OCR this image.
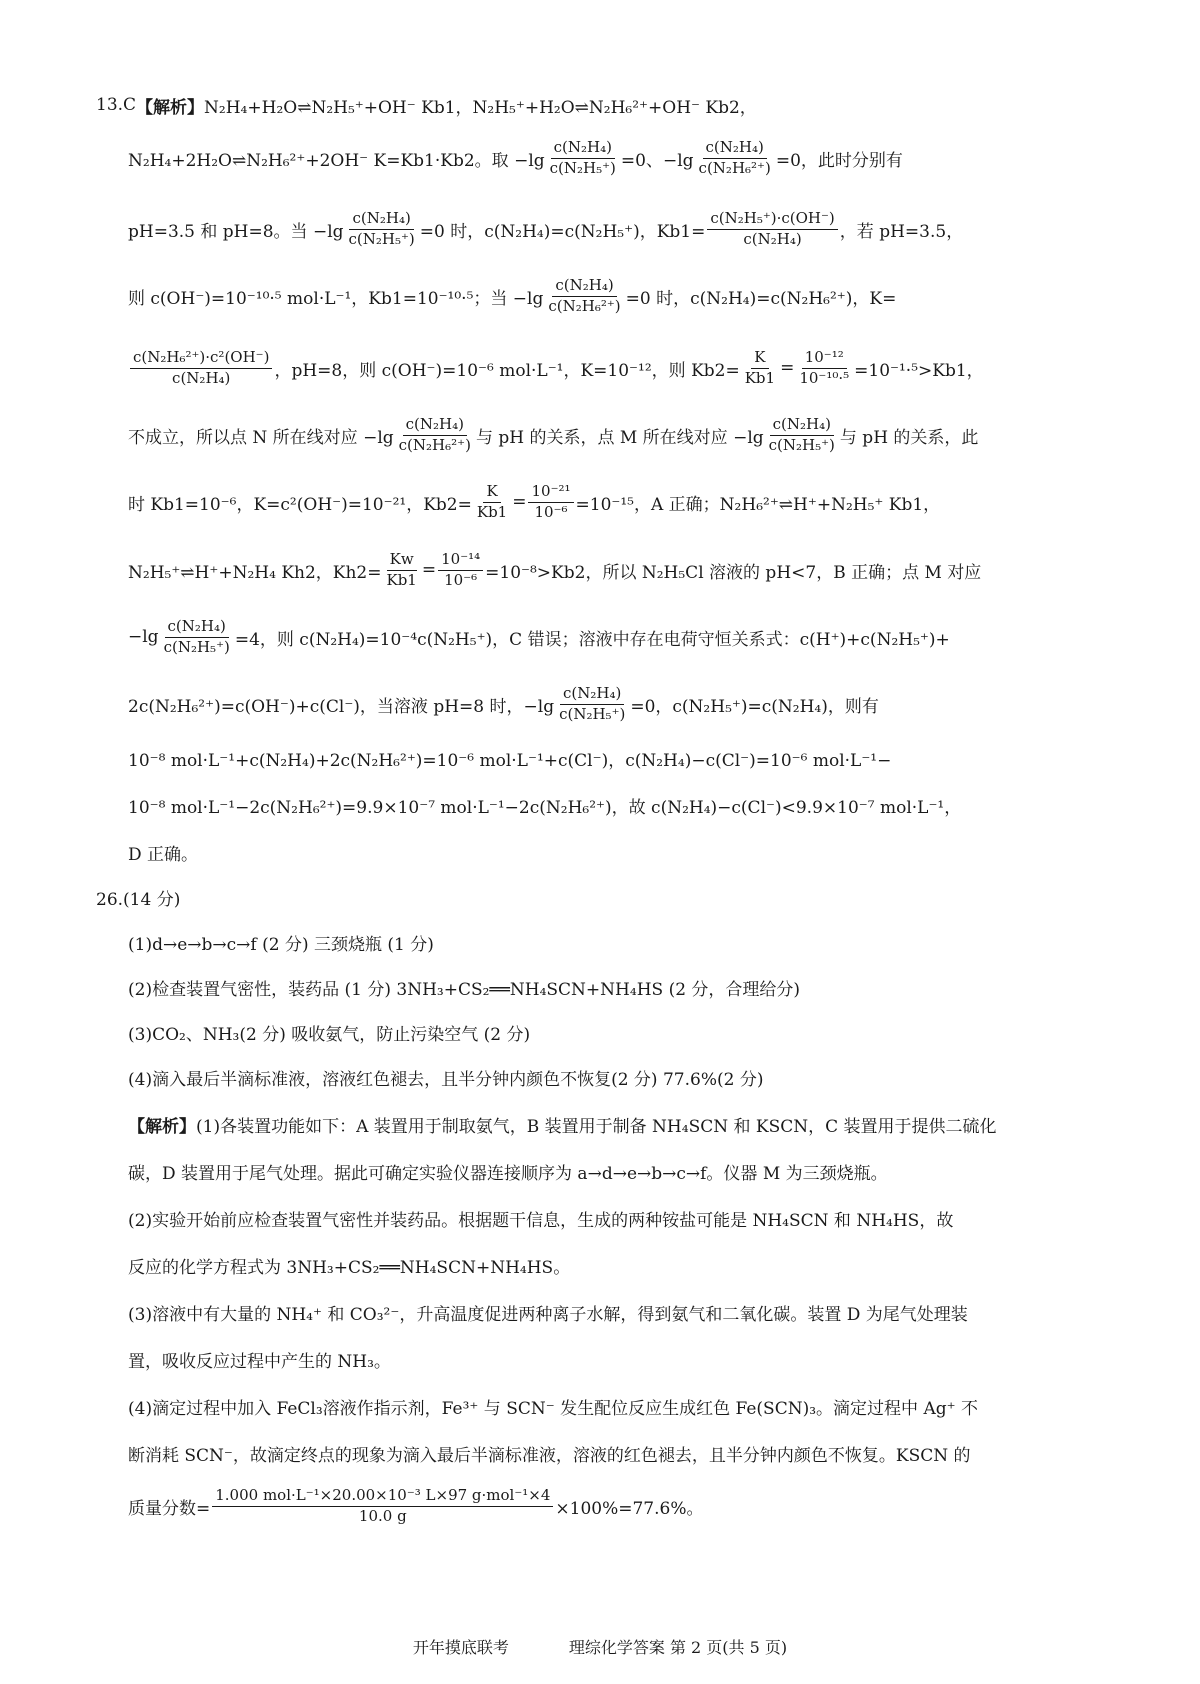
13.C 【解析】 N₂H₄+H₂O⇌N₂H₅⁺+OH⁻ Kb1，N₂H₅⁺+H₂O⇌N₂H₆²⁺+OH⁻ Kb2，
N₂H₄+2H₂O⇌N₂H₆²⁺+2OH⁻ K=Kb1·Kb2。取 $-\lg \frac{\text{c(N₂H₄)}}{\text{c(N₂H₅⁺)}} =0$、$-\lg \frac{\text{c(N₂H₄)}}{\text{c(N₂H₆²⁺)}} =0$，此时分别有
pH=3.5 和 pH=8。当 $-\lg \frac{\text{c(N₂H₄)}}{\text{c(N₂H₅⁺)}} =0$ 时，c(N₂H₄)=c(N₂H₅⁺)，$Kb1= \frac{\text{c(N₂H₅⁺)·c(OH⁻)}}{\text{c(N₂H₄)}}$ ，若 pH=3.5，
则 c(OH⁻)=10⁻¹⁰·⁵ mol·L⁻¹，Kb1=10⁻¹⁰·⁵；当 $-\lg \frac{\text{c(N₂H₄)}}{\text{c(N₂H₆²⁺)}} =0$ 时，c(N₂H₄)=c(N₂H₆²⁺)，K=
$\frac{\text{c(N₂H₆²⁺)·c²(OH⁻)}}{\text{c(N₂H₄)}}$ ，pH=8，则 c(OH⁻)=10⁻⁶ mol·L⁻¹，K=10⁻¹²，则 $Kb2= \frac{K}{Kb1} = \frac{\text{10⁻¹²}}{\text{10⁻¹⁰·⁵}} =10^{-1}\cdot^5>Kb1$，
不成立，所以点 N 所在线对应 $-\lg \frac{\text{c(N₂H₄)}}{\text{c(N₂H₆²⁺)}}$ 与 pH 的关系，点 M 所在线对应 $-\lg \frac{\text{c(N₂H₄)}}{\text{c(N₂H₅⁺)}}$ 与 pH 的关系，此
时 Kb1=10⁻⁶，K=c²(OH⁻)=10⁻²¹，$Kb2= \frac{K}{Kb1} = \frac{\text{10⁻²¹}}{\text{10⁻⁶}} =10^{-15}$，A 正确；N₂H₆²⁺⇌H⁺+N₂H₅⁺ Kb1，
N₂H₅⁺⇌H⁺+N₂H₄ Kh2，$Kh2= \frac{Kw}{Kb1} = \frac{\text{10⁻¹⁴}}{\text{10⁻⁶}} =10^{-8}>Kb2$，所以 N₂H₅Cl 溶液的 pH<7，B 正确；点 M 对应
$-\lg \frac{\text{c(N₂H₄)}}{\text{c(N₂H₅⁺)}} =4$，则 c(N₂H₄)=10⁻⁴c(N₂H₅⁺)，C 错误；溶液中存在电荷守恒关系式：c(H⁺)+c(N₂H₅⁺)+
2c(N₂H₆²⁺)=c(OH⁻)+c(Cl⁻)，当溶液 pH=8 时，$-\lg \frac{\text{c(N₂H₄)}}{\text{c(N₂H₅⁺)}} =0$，c(N₂H₅⁺)=c(N₂H₄)，则有
10⁻⁸ mol·L⁻¹+c(N₂H₄)+2c(N₂H₆²⁺)=10⁻⁶ mol·L⁻¹+c(Cl⁻)，c(N₂H₄)−c(Cl⁻)=10⁻⁶ mol·L⁻¹−
10⁻⁸ mol·L⁻¹−2c(N₂H₆²⁺)=9.9×10⁻⁷ mol·L⁻¹−2c(N₂H₆²⁺)，故 c(N₂H₄)−c(Cl⁻)<9.9×10⁻⁷ mol·L⁻¹，
D 正确。
26.(14 分)
(1)d→e→b→c→f (2 分) 三颈烧瓶 (1 分)
(2)检查装置气密性，装药品 (1 分) 3NH₃+CS₂══NH₄SCN+NH₄HS (2 分，合理给分)
(3)CO₂、NH₃(2 分) 吸收氨气，防止污染空气 (2 分)
(4)滴入最后半滴标准液，溶液红色褪去，且半分钟内颜色不恢复(2 分) 77.6%(2 分)
【解析】 (1)各装置功能如下：A 装置用于制取氨气，B 装置用于制备 NH₄SCN 和 KSCN，C 装置用于提供二硫化
碳，D 装置用于尾气处理。据此可确定实验仪器连接顺序为 a→d→e→b→c→f。仪器 M 为三颈烧瓶。
(2)实验开始前应检查装置气密性并装药品。根据题干信息，生成的两种铵盐可能是 NH₄SCN 和 NH₄HS，故
反应的化学方程式为 3NH₃+CS₂══NH₄SCN+NH₄HS。
(3)溶液中有大量的 NH₄⁺ 和 CO₃²⁻，升高温度促进两种离子水解，得到氨气和二氧化碳。装置 D 为尾气处理装
置，吸收反应过程中产生的 NH₃。
(4)滴定过程中加入 FeCl₃溶液作指示剂，Fe³⁺ 与 SCN⁻ 发生配位反应生成红色 Fe(SCN)₃。滴定过程中 Ag⁺ 不
断消耗 SCN⁻，故滴定终点的现象为滴入最后半滴标准液，溶液的红色褪去，且半分钟内颜色不恢复。KSCN 的
质量分数= $\frac{\text{1.000 mol·L⁻¹×20.00×10⁻³ L×97 g·mol⁻¹×4}}{10.0 g} \times 100\%=77.6\%$。
开年摸底联考	理综化学答案 第 2 页(共 5 页)
